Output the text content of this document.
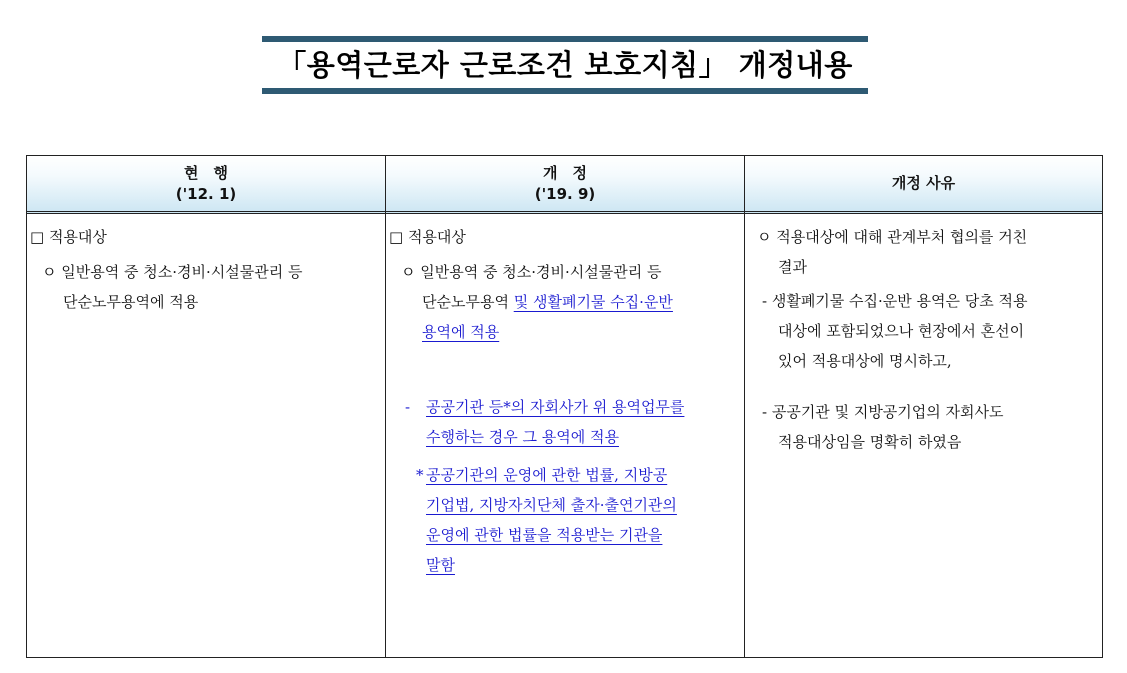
「용역근로자 근로조건 보호지침」 개정내용
현　행
('12. 1)
개　정
('19. 9)
개정 사유
□ 적용대상
ㅇ 일반용역 중 청소·경비·시설물관리 등
단순노무용역에 적용
□ 적용대상
ㅇ 일반용역 중 청소·경비·시설물관리 등
단순노무용역 및 생활폐기물 수집·운반
용역에 적용
- 공공기관 등*의 자회사가 위 용역업무를
수행하는 경우 그 용역에 적용
* 공공기관의 운영에 관한 법률, 지방공
기업법, 지방자치단체 출자·출연기관의
운영에 관한 법률을 적용받는 기관을
말함
ㅇ 적용대상에 대해 관계부처 협의를 거친
결과
- 생활폐기물 수집·운반 용역은 당초 적용
대상에 포함되었으나 현장에서 혼선이
있어 적용대상에 명시하고,
- 공공기관 및 지방공기업의 자회사도
적용대상임을 명확히 하였음
